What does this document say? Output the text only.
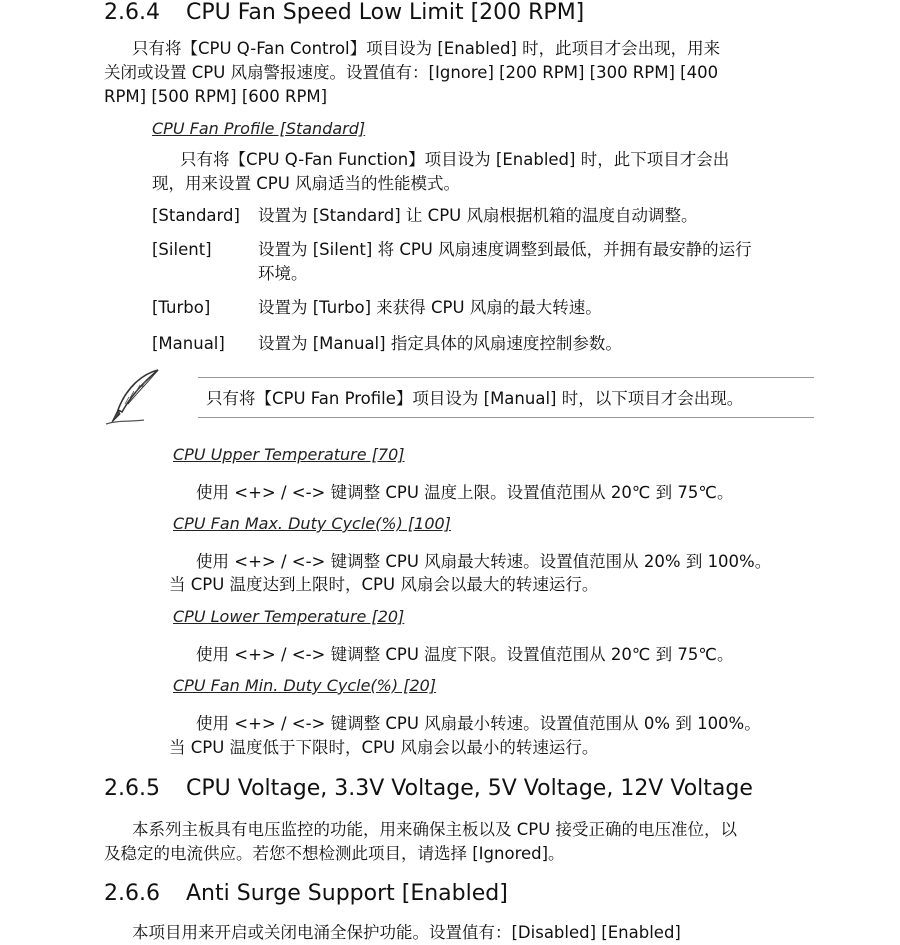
2.6.4 CPU Fan Speed Low Limit [200 RPM]
只有将【CPU Q-Fan Control】项目设为 [Enabled] 时，此项目才会出现，用来
关闭或设置 CPU 风扇警报速度。设置值有：[Ignore] [200 RPM] [300 RPM] [400
RPM] [500 RPM] [600 RPM]
CPU Fan Profile [Standard]
只有将【CPU Q-Fan Function】项目设为 [Enabled] 时，此下项目才会出
现，用来设置 CPU 风扇适当的性能模式。
[Standard] 设置为 [Standard] 让 CPU 风扇根据机箱的温度自动调整。
[Silent]	设置为 [Silent] 将 CPU 风扇速度调整到最低，并拥有最安静的运行
环境。
[Turbo]	设置为 [Turbo] 来获得 CPU 风扇的最大转速。
[Manual] 设置为 [Manual] 指定具体的风扇速度控制参数。
只有将【CPU Fan Profile】项目设为 [Manual] 时，以下项目才会出现。
CPU Upper Temperature [70]
使用 <+> / <-> 键调整 CPU 温度上限。设置值范围从 20℃ 到 75℃。
CPU Fan Max. Duty Cycle(%) [100]
使用 <+> / <-> 键调整 CPU 风扇最大转速。设置值范围从 20% 到 100%。
当 CPU 温度达到上限时，CPU 风扇会以最大的转速运行。
CPU Lower Temperature [20]
使用 <+> / <-> 键调整 CPU 温度下限。设置值范围从 20℃ 到 75℃。
CPU Fan Min. Duty Cycle(%) [20]
使用 <+> / <-> 键调整 CPU 风扇最小转速。设置值范围从 0% 到 100%。
当 CPU 温度低于下限时，CPU 风扇会以最小的转速运行。
2.6.5 CPU Voltage, 3.3V Voltage, 5V Voltage, 12V Voltage
本系列主板具有电压监控的功能，用来确保主板以及 CPU 接受正确的电压准位，以
及稳定的电流供应。若您不想检测此项目，请选择 [Ignored]。
2.6.6 Anti Surge Support [Enabled]
本项目用来开启或关闭电涌全保护功能。设置值有：[Disabled] [Enabled]
